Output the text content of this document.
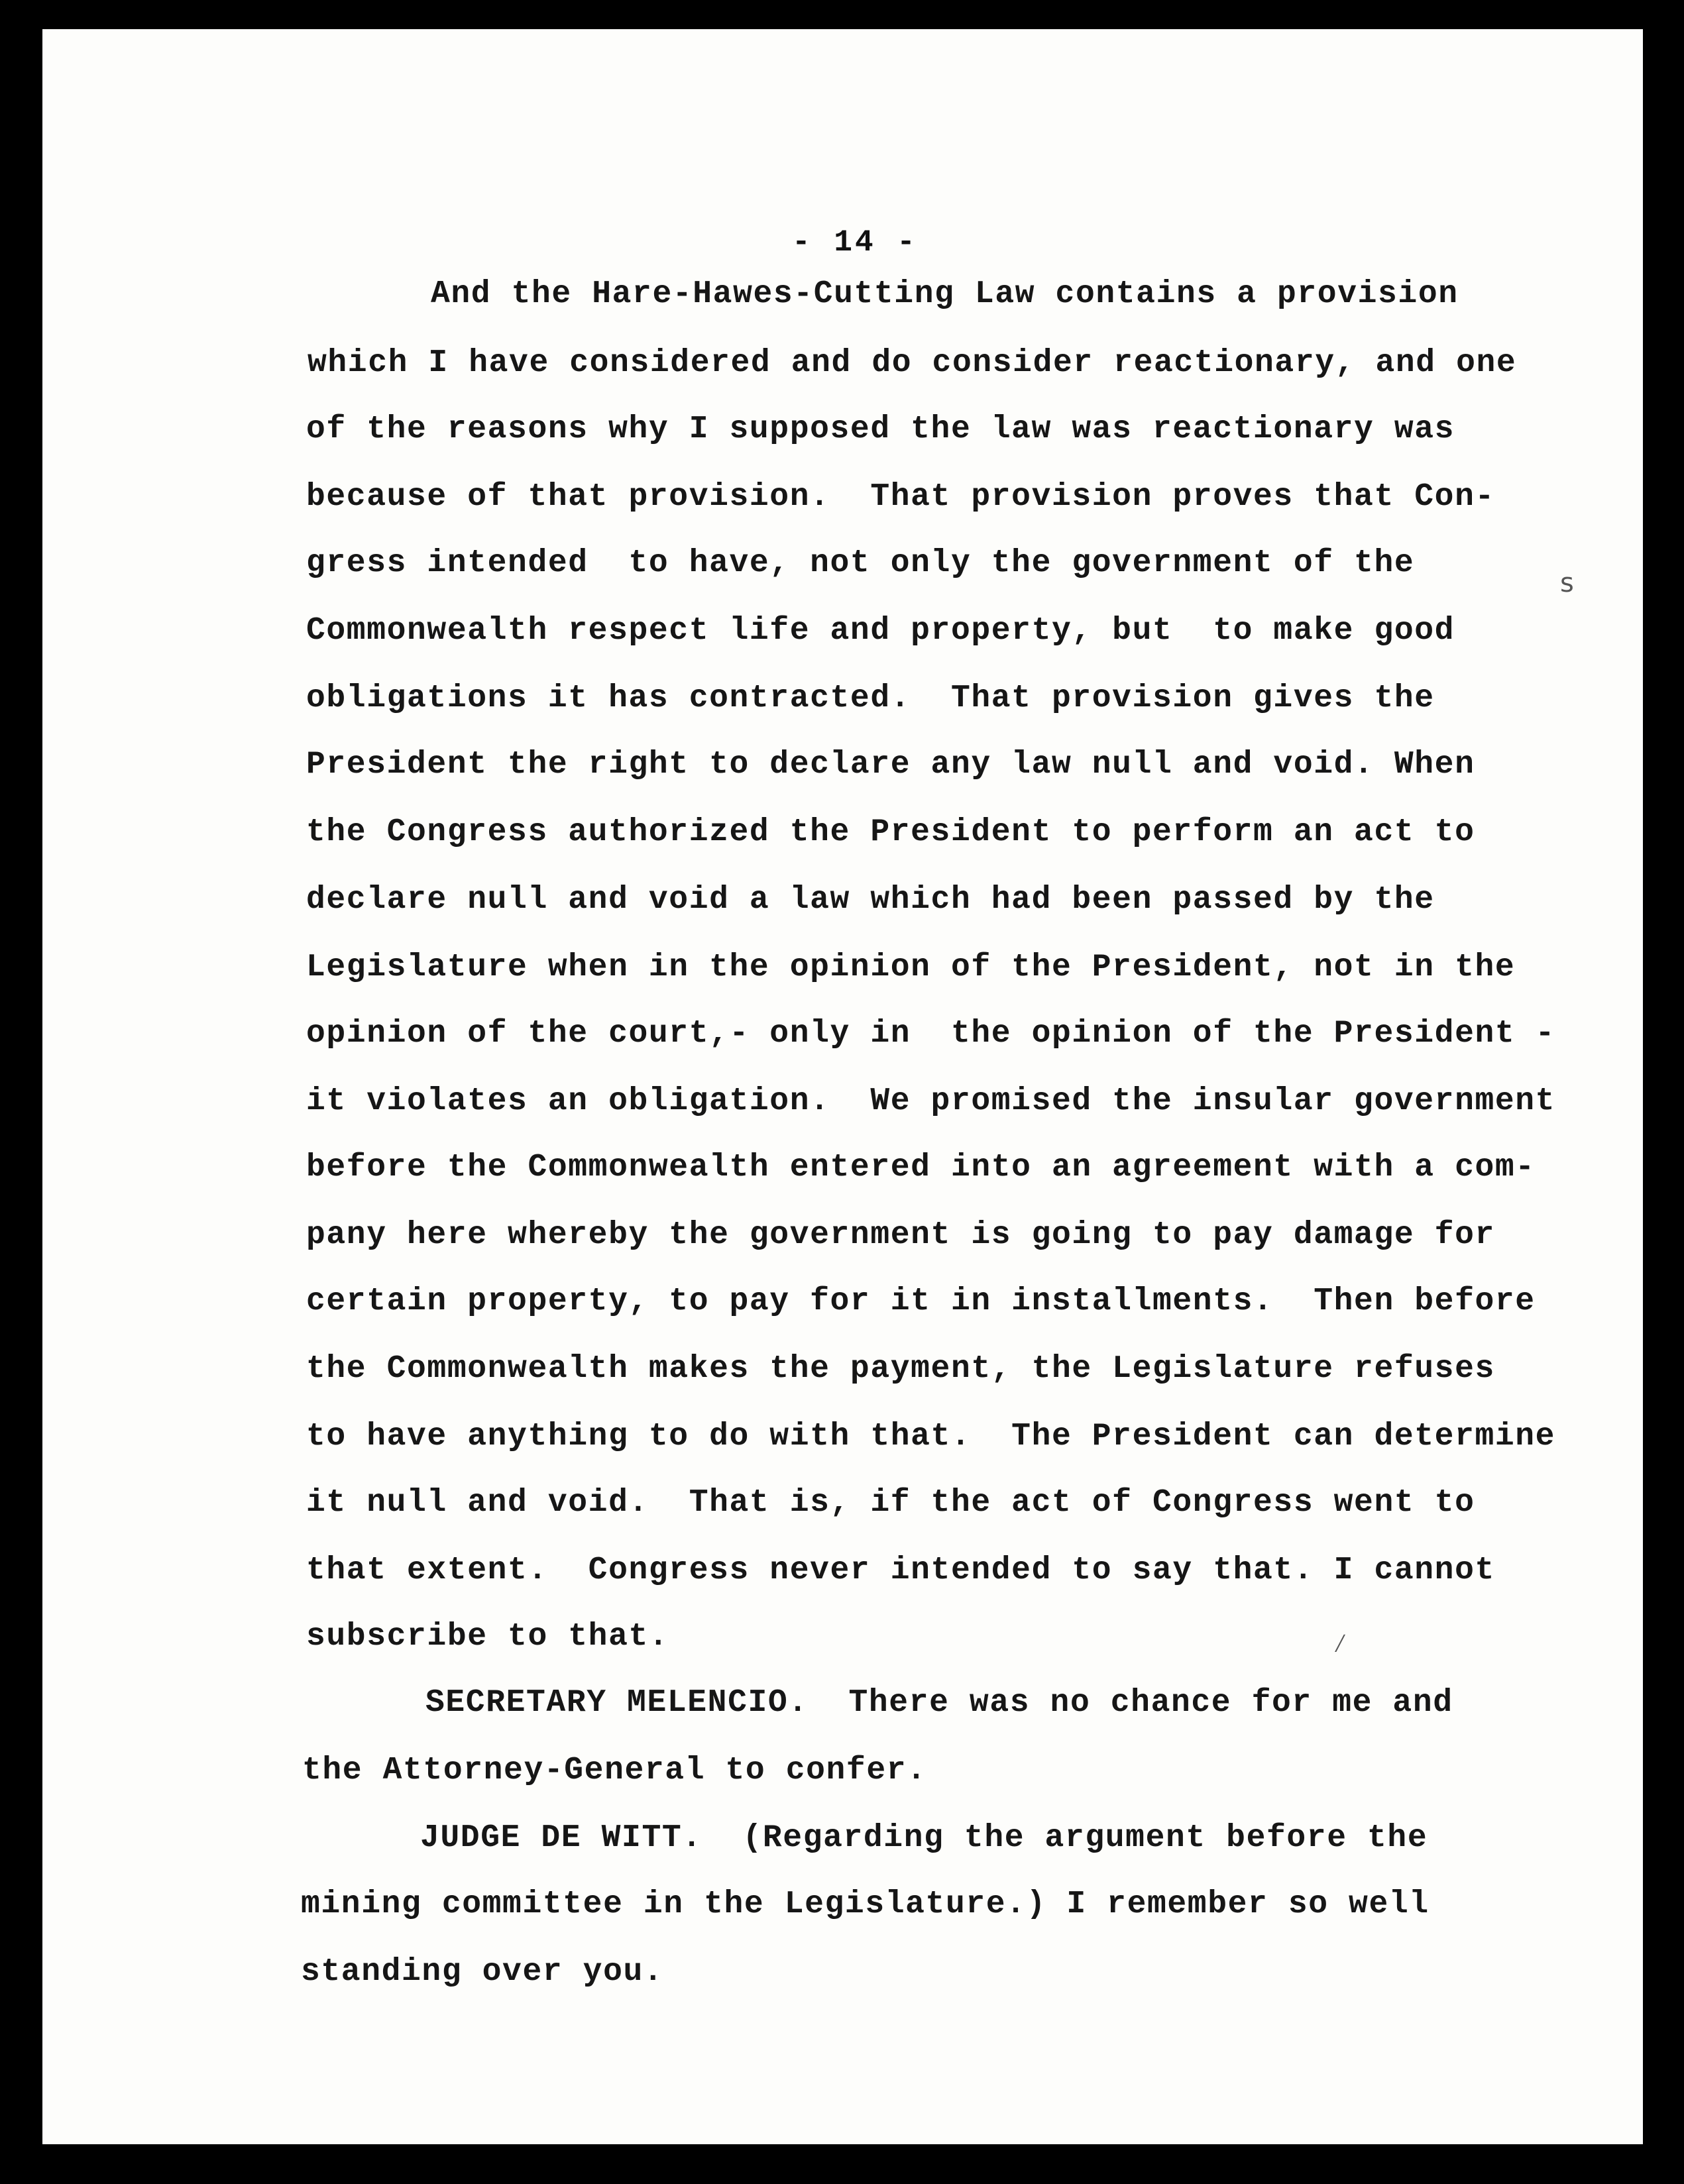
ꜱ
⁄
- 14 -
And the Hare-Hawes-Cutting Law contains a provision
which I have considered and do consider reactionary, and one
of the reasons why I supposed the law was reactionary was
because of that provision.  That provision proves that Con-
gress intended  to have, not only the government of the
Commonwealth respect life and property, but  to make good
obligations it has contracted.  That provision gives the
President the right to declare any law null and void. When
the Congress authorized the President to perform an act to
declare null and void a law which had been passed by the
Legislature when in the opinion of the President, not in the
opinion of the court,- only in  the opinion of the President -
it violates an obligation.  We promised the insular government
before the Commonwealth entered into an agreement with a com-
pany here whereby the government is going to pay damage for
certain property, to pay for it in installments.  Then before
the Commonwealth makes the payment, the Legislature refuses
to have anything to do with that.  The President can determine
it null and void.  That is, if the act of Congress went to
that extent.  Congress never intended to say that. I cannot
subscribe to that.
SECRETARY MELENCIO.  There was no chance for me and
the Attorney-General to confer.
JUDGE DE WITT.  (Regarding the argument before the
mining committee in the Legislature.) I remember so well
standing over you.
